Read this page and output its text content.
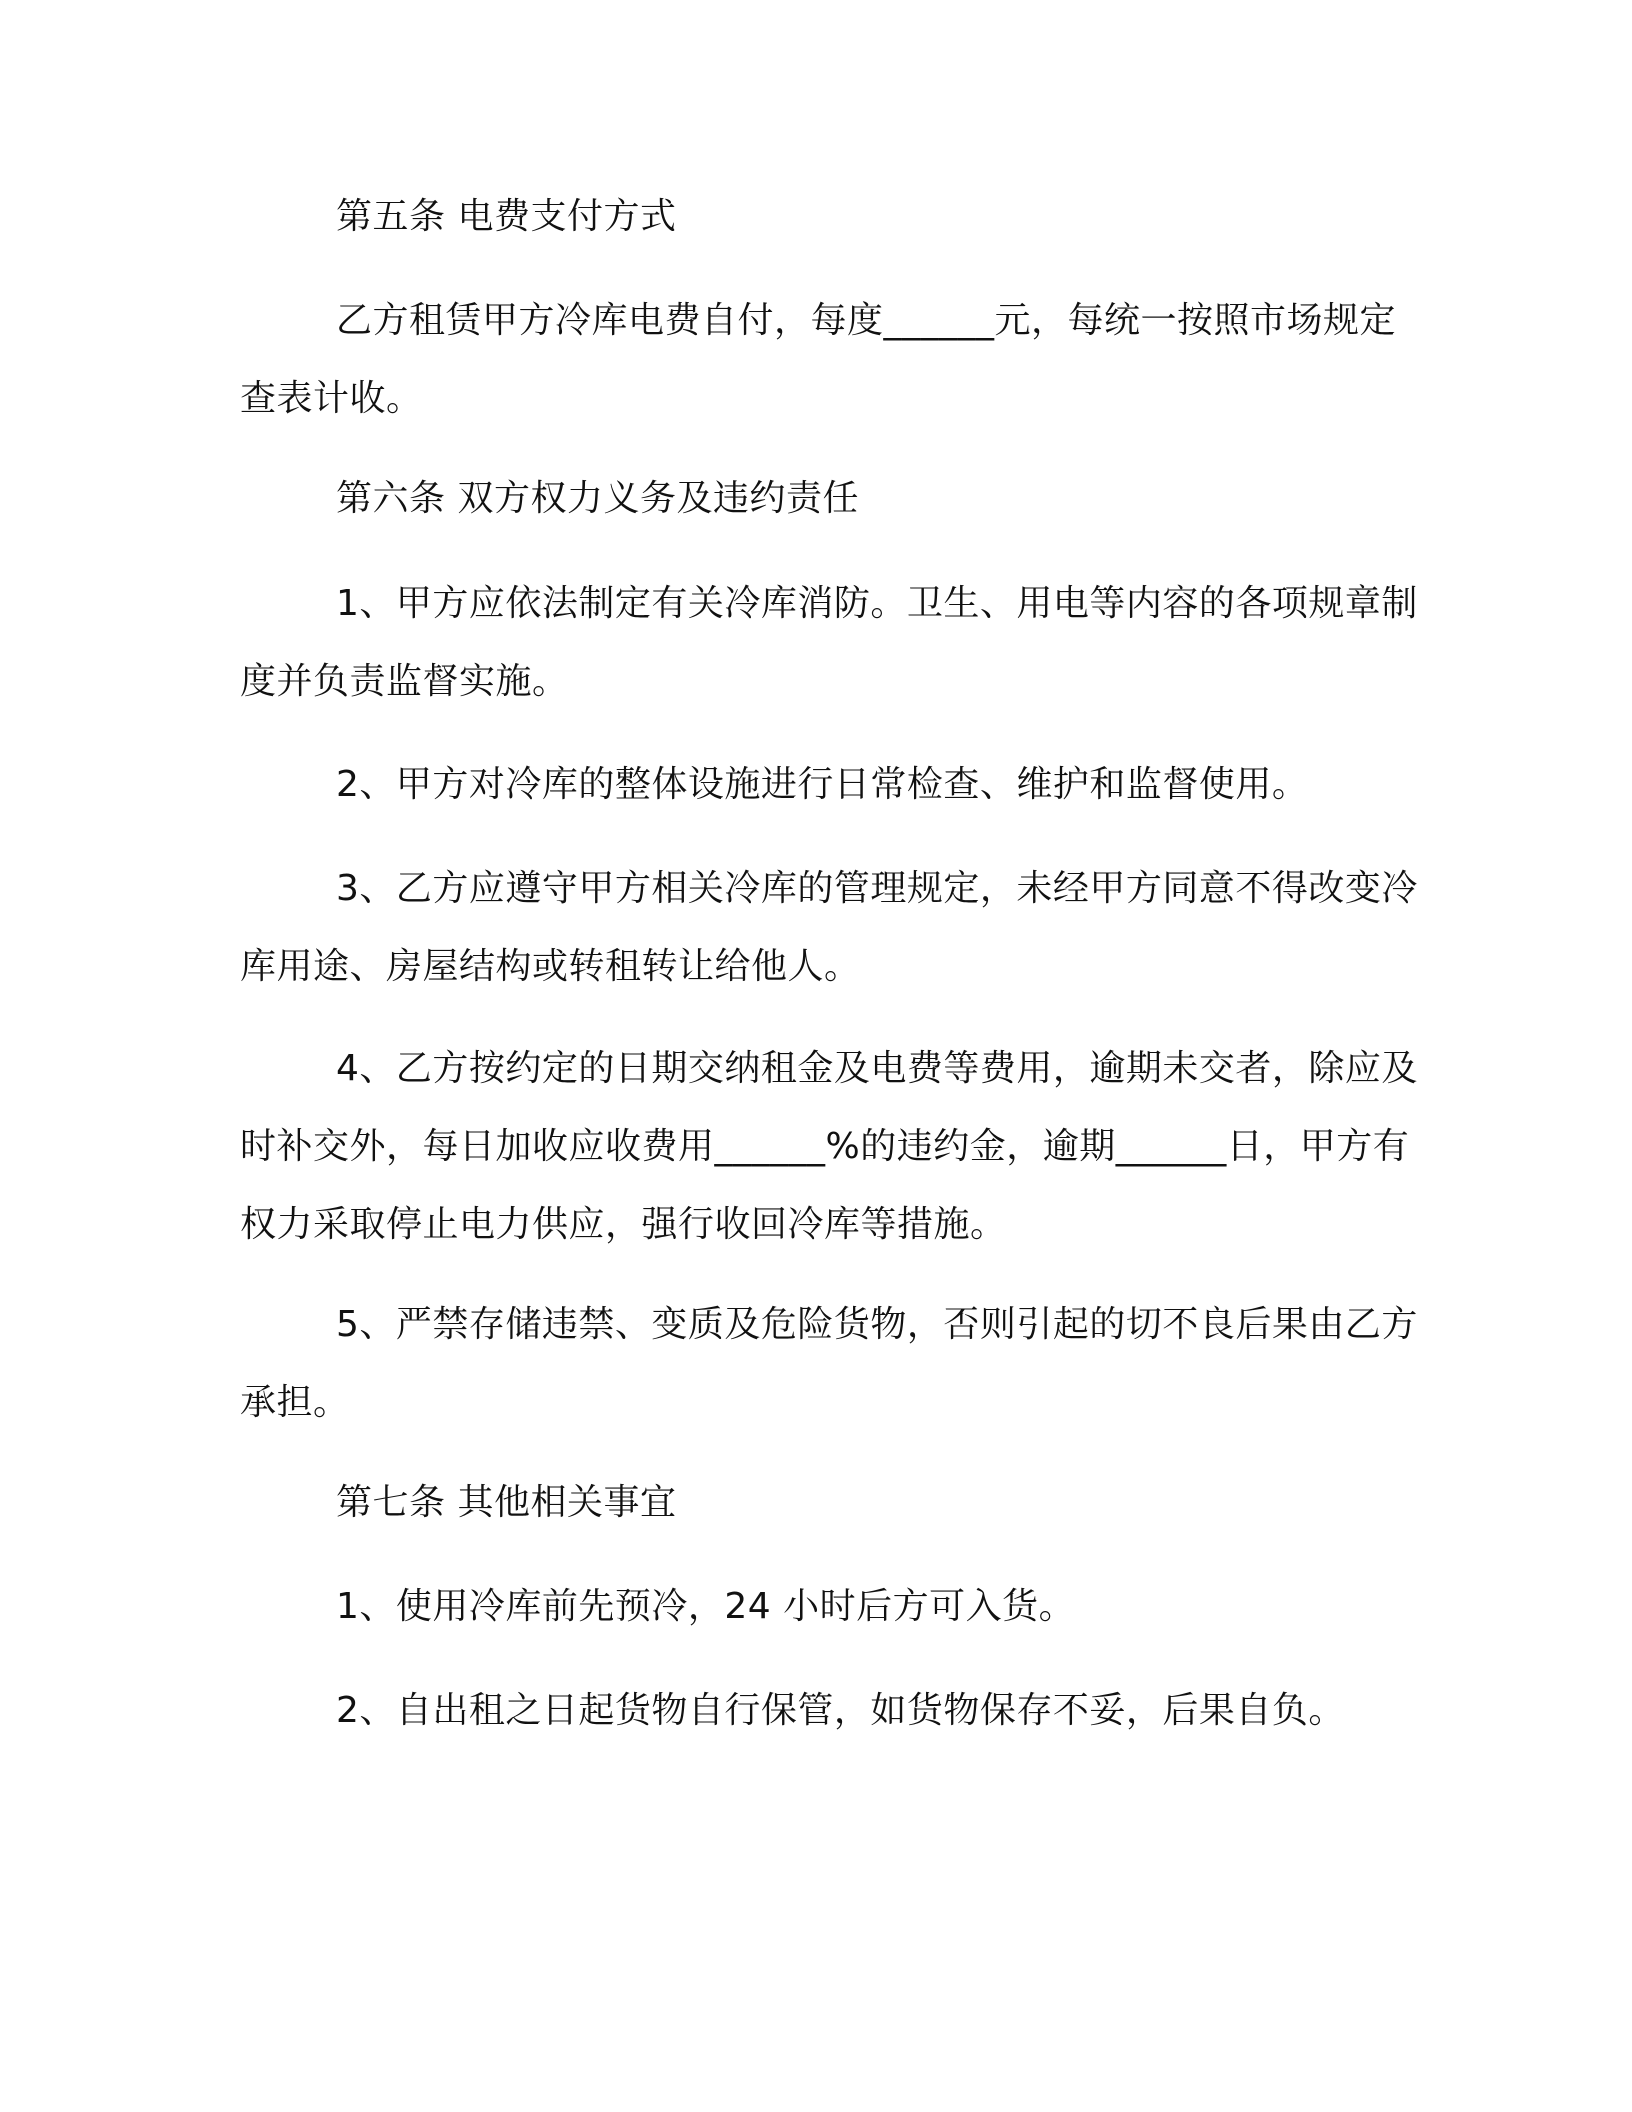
第五条 电费支付方式
乙方租赁甲方冷库电费自付，每度______元，每统一按照市场规定查表计收。
第六条 双方权力义务及违约责任
1、甲方应依法制定有关冷库消防。卫生、用电等内容的各项规章制度并负责监督实施。
2、甲方对冷库的整体设施进行日常检查、维护和监督使用。
3、乙方应遵守甲方相关冷库的管理规定，未经甲方同意不得改变冷库用途、房屋结构或转租转让给他人。
4、乙方按约定的日期交纳租金及电费等费用，逾期未交者，除应及时补交外，每日加收应收费用______%的违约金，逾期______日，甲方有权力采取停止电力供应，强行收回冷库等措施。
5、严禁存储违禁、变质及危险货物，否则引起的切不良后果由乙方承担。
第七条 其他相关事宜
1、使用冷库前先预冷，24 小时后方可入货。
2、自出租之日起货物自行保管，如货物保存不妥，后果自负。
